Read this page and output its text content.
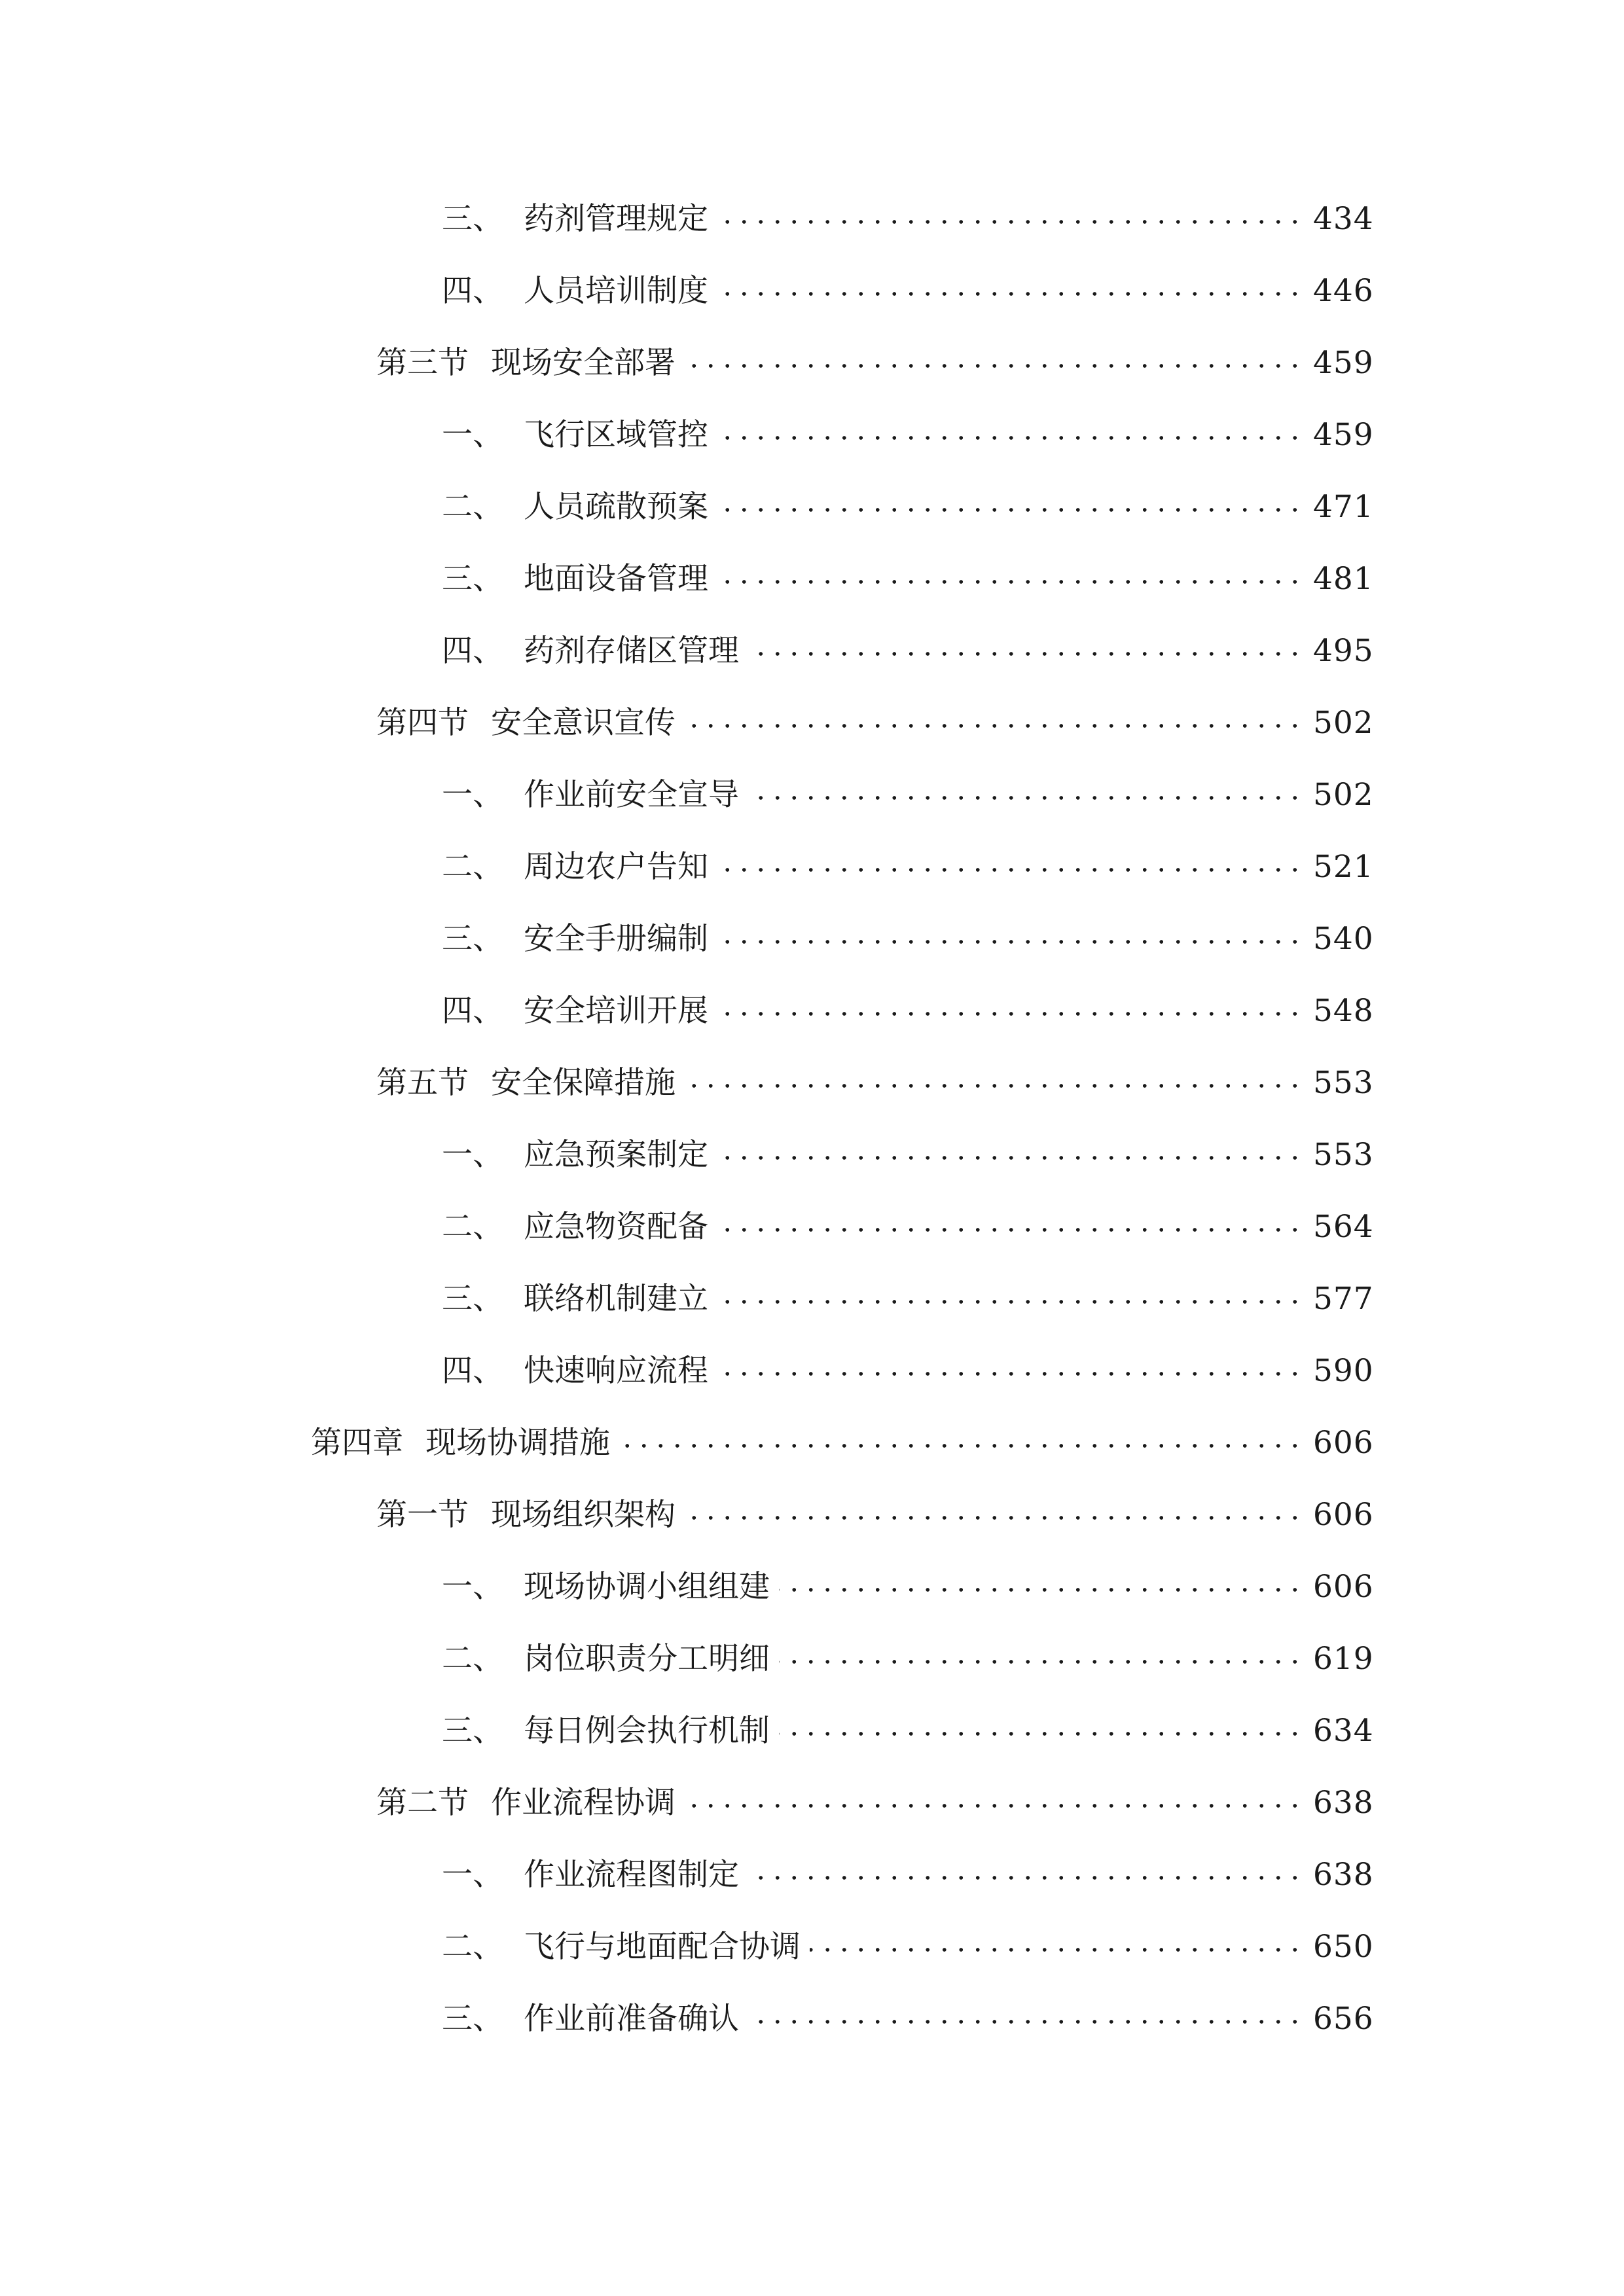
三、 药剂管理规定	434
四、 人员培训制度	446
第三节 现场安全部署	459
一、 飞行区域管控	459
二、 人员疏散预案	471
三、 地面设备管理	481
四、 药剂存储区管理	495
第四节 安全意识宣传	502
一、 作业前安全宣导	502
二、 周边农户告知	521
三、 安全手册编制	540
四、 安全培训开展	548
第五节 安全保障措施	553
一、 应急预案制定	553
二、 应急物资配备	564
三、 联络机制建立	577
四、 快速响应流程	590
第四章 现场协调措施	606
第一节 现场组织架构	606
一、 现场协调小组组建	606
二、 岗位职责分工明细	619
三、 每日例会执行机制	634
第二节 作业流程协调	638
一、 作业流程图制定	638
二、 飞行与地面配合协调	650
三、 作业前准备确认	656
